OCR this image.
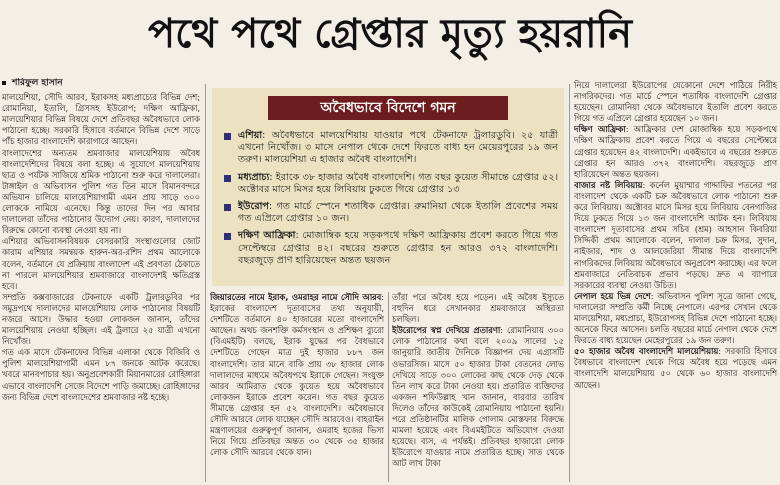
পথে পথে গ্রেপ্তার মৃত্যু হয়রানি
শরিফুল হাসান

মালয়েশিয়া, সৌদি আরব, ইরাকসহ মধ্যপ্রাচ্যের বিভিন্ন দেশ; রোমানিয়া, ইতালি, গ্রিসসহ ইউরোপ; দক্ষিণ আফ্রিকা, মালয়েশিয়ার বিভিন্ন বিষয়ে দেশে প্রতিবছর অবৈধভাবে লোক পাঠানো হচ্ছে। সরকারি হিসাবে বর্তমানে বিভিন্ন দেশে সাড়ে পাঁচ হাজার বাংলাদেশি কারাগারে আছেন।

বাংলাদেশের অন্যতম শ্রমবাজার মালয়েশিয়ায় অবৈধ বাংলাদেশিদের বিষয়ে বলা হচ্ছে। এ সুযোগে মালয়েশিয়ায় ছাত্র ও পর্যটক সাজিয়ে শ্রমিক পাঠানো শুরু করে দালালেরা। টাঙ্গাইল ও অভিবাসন পুলিশ গত তিন মাসে বিমানবন্দরে অভিযান চালিয়ে মালয়েশিয়াগামী এমন প্রায় সাড়ে ৩০০ লোককে নামিয়ে এনেছে। কিন্তু তাদের দিন পর আবার দালালেরা তাঁদের পাঠানোর উদ্যোগ নেয়। কারণ, দালালদের বিরুদ্ধে কোনো ব্যবস্থা নেওয়া হয় না।

এশিয়ার অভিবাসনবিষয়ক বেসরকারি সংস্থাগুলোর জোট কারাম এশিয়ার সমন্বয়ক হারুন-অর-রশিদ প্রথম আলোকে বলেন, বর্তমানে যে প্রক্রিয়ায় বাংলাদেশ এই প্রবণতা ঠেকাতে না পারলে মালয়েশিয়ার শ্রমবাজারে বাংলাদেশই ক্ষতিগ্রস্ত হবে।

সম্প্রতি কক্সবাজারের টেকনাফে একটি ট্রলারডুবির পর সমুদ্রপথে দালালদের মালয়েশিয়ায় লোক পাঠানোর বিষয়টি নজরে আসে। উদ্ধার হওয়া লোকজন জানান, তাঁদের মালয়েশিয়ায় নেওয়া হচ্ছিল। এই ট্রলারে ২৫ যাত্রী এখনো নিখোঁজ।

গত এক মাসে টেকনাফের বিভিন্ন এলাকা থেকে বিজিবি ও পুলিশ মালয়েশিয়াগামী এমন ৮৭ জনকে আটক করেছে। খবরে মানবপাচার হয়। অনুপ্রবেশকারী মিয়ানমারের রোহিঙ্গারা এভাবে বাংলাদেশি সেজে বিদেশে পাড়ি জমাচ্ছে। রোহিঙ্গাদের জন্য বিভিন্ন দেশে বাংলাদেশের শ্রমবাজার নষ্ট হচ্ছে।

অবৈধভাবে বিদেশে গমন
এশিয়া: অবৈধভাবে মালয়েশিয়ায় যাওয়ার পথে টেকনাফে ট্রলারডুবি। ২৫ যাত্রী এখনো নিখোঁজ। ৩ মাসে নেপাল থেকে দেশে ফিরতে বাধ্য হন মেয়েরপুরের ১৯ জন তরুণ। মালয়েশিয়া এ হাজার অবৈধ বাংলাদেশি।
মধ্যপ্রাচ্য: ইরাকে ৩৮ হাজার অবৈধ বাংলাদেশি। গত বছর কুয়েত সীমান্তে গ্রেপ্তার ৫২। অক্টোবর মাসে মিসর হয়ে লিবিয়ায় ঢুকতে গিয়ে গ্রেপ্তার ১৩
ইউরোপ: গত মার্চে স্পেনে শতাধিক গ্রেপ্তার। রুমানিয়া থেকে ইতালি প্রবেশের সময় গত এপ্রিলে গ্রেপ্তার ১০ জন।
দক্ষিণ আফ্রিকা: মোজাম্বিক হয়ে সড়কপথে দক্ষিণ আফ্রিকায় প্রবেশ করতে গিয়ে গত সেপ্টেম্বরে গ্রেপ্তার ৪২। বছরের শুরুতে গ্রেপ্তার হন আরও ৩৭২ বাংলাদেশি। বছরজুড়ে প্রাণ হারিয়েছেন অন্তত ছয়জন

জিয়ারতের নামে ইরাক, ওমরাহর নামে সৌদি আরব: ইরাকের বাংলাদেশ দূতাবাসের তথ্য অনুযায়ী, দেশটিতে বর্তমানে ৪০ হাজারের মতো বাংলাদেশি আছেন। অথচ জনশক্তি কর্মসংস্থান ও প্রশিক্ষণ ব্যুরো (বিএমইটি) বলছে, ইরাক যুদ্ধের পর বৈধভাবে দেশটিতে গেছেন মাত্র দুই হাজার ৮৮৭ জন বাংলাদেশি। তার মানে বাকি প্রায় ৩৮ হাজার লোক দালালদের মাধ্যমে অবৈধপথে ইরাকে গেছেন। সংযুক্ত আরব আমিরাত থেকে কুয়েত হয়ে অবৈধভাবে লোকজন ইরাকে প্রবেশ করেন। গত বছর কুয়েত সীমান্তে গ্রেপ্তার হন ৫২ বাংলাদেশি। অবৈধভাবে সৌদি আরবে লোক যাচ্ছেন সৌদি আরবেও। বাহরাইন মন্ত্রণালয়ের গুরুত্বপূর্ণ জানান, ওমরাহ হজের ভিসা নিয়ে গিয়ে প্রতিবছর অন্তত ৩০ থেকে ৩৫ হাজার লোক সৌদি আরবে থেকে যান।

তাঁরা পরে অবৈধ হয়ে পড়েন। এই অবৈধ ইস্যুতে বহুদিন ধরে সেখানকার শ্রমবাজারে অস্থিরতা চলছিল।

ইউরোপের স্বপ্ন দেখিয়ে প্রতারণা: রোমানিয়ায় ৩০০ লোক পাঠানোর কথা বলে ২০০৯ সালের ১৫ জানুয়ারি জাতীয় দৈনিকে বিজ্ঞাপন দেয় এগ্রাসটি ওভারসিজ। মাসে ৫০ হাজার টাকা বেতনের লোভ দেখিয়ে সাড়ে ৩০০ লোকের কাছ থেকে দেড় থেকে তিন লাখ করে টাকা নেওয়া হয়। প্রতারিত ব্যক্তিদের একজন শফিউল্লাহ খান জানান, বারবার তারিখ দিলেও তাঁদের কাউকেই রোমানিয়ায় পাঠানো হয়নি। পরে প্রতিষ্ঠানটির মালিক গোলাম মোস্তফার বিরুদ্ধে মামলা হয়েছে এবং বিএমইটিতে অভিযোগ দেওয়া হয়েছে। ব্যস, এ পর্যন্তই। প্রতিবছর হাজারো লোক ইউরোপে যাওয়ার নামে প্রতারিত হচ্ছে। সাত থেকে আট লাখ টাকা

নিয়ে দালালেরা ইউরোপের যেকোনো দেশে পাঠিয়ে নিরীহ নাগরিকদের। গত মার্চে স্পেনে শতাধিক বাংলাদেশি গ্রেপ্তার হয়েছেন। রোমানিয়া থেকে অবৈধভাবে ইতালি প্রবেশ করতে গিয়ে গত এপ্রিলে গ্রেপ্তার হয়েছেন ১০ জন।

দক্ষিণ আফ্রিকা: আফ্রিকার দেশ মোজাম্বিক হয়ে সড়কপথে দক্ষিণ আফ্রিকায় প্রবেশ করতে গিয়ে এ বছরের সেপ্টেম্বরে গ্রেপ্তার হয়েছেন ৪২ বাংলাদেশি। একইভাবে এ বছরের শুরুতে গ্রেপ্তার হন আরও ৩৭২ বাংলাদেশি। বছরজুড়ে প্রাণ হারিয়েছেন অন্তত ছয়জন।

বাজার নষ্ট লিবিয়ায়: কর্নেল মুয়াম্মার গাদ্দাফির পতনের পর বাংলাদেশ থেকে একটি চক্র অবৈধভাবে লোক পাঠানো শুরু করে লিবিয়ায়। অক্টোবর মাসে মিসর হয়ে লিবিয়ায় বেনগাজির দিয়ে ঢুকতে গিয়ে ১৩ জন বাংলাদেশি আটক হন। লিবিয়ায় বাংলাদেশ দূতাবাসের প্রথম সচিব (শ্রম) আহসান কিবরিয়া সিদ্দিকী প্রথম আলোকে বলেন, দালাল চক্র মিসর, সুদান, নাইজার, শাদ ও আলজেরিয়া সীমান্ত দিয়ে বাংলাদেশি নাগরিকদের লিবিয়ায় অবৈধভাবে অনুপ্রবেশ করাচ্ছে। এর ফলে শ্রমবাজারে নেতিবাচক প্রভাব পড়ছে। দ্রুত এ ব্যাপারে সরকারের ব্যবস্থা নেওয়া উচিত।

নেপাল হয়ে ভিন্ন দেশে: অভিবাসন পুলিশ সূত্রে জানা গেছে, দালালেরা সম্প্রতি কর্মী নিচ্ছে নেপালে। এরপর সেখান থেকে মালয়েশিয়া, মধ্যপ্রাচ্য, ইউরোপসহ বিভিন্ন দেশে পাঠানো হচ্ছে। অনেকে ফিরে আসেন। চলতি বছরের মার্চে নেপাল থেকে দেশে ফিরতে বাধ্য হয়েছেন মেহেরপুরের ১৯ জন তরুণ।

৫০ হাজার অবৈধ বাংলাদেশি মালয়েশিয়ায়: সরকারি হিসাবে বৈধভাবে বাংলাদেশ থেকে গিয়ে অবৈধ হয়ে পড়েছে এমন বাংলাদেশি মালয়েশিয়ায় ৫০ থেকে ৬০ হাজার বাংলাদেশি আছেন।
